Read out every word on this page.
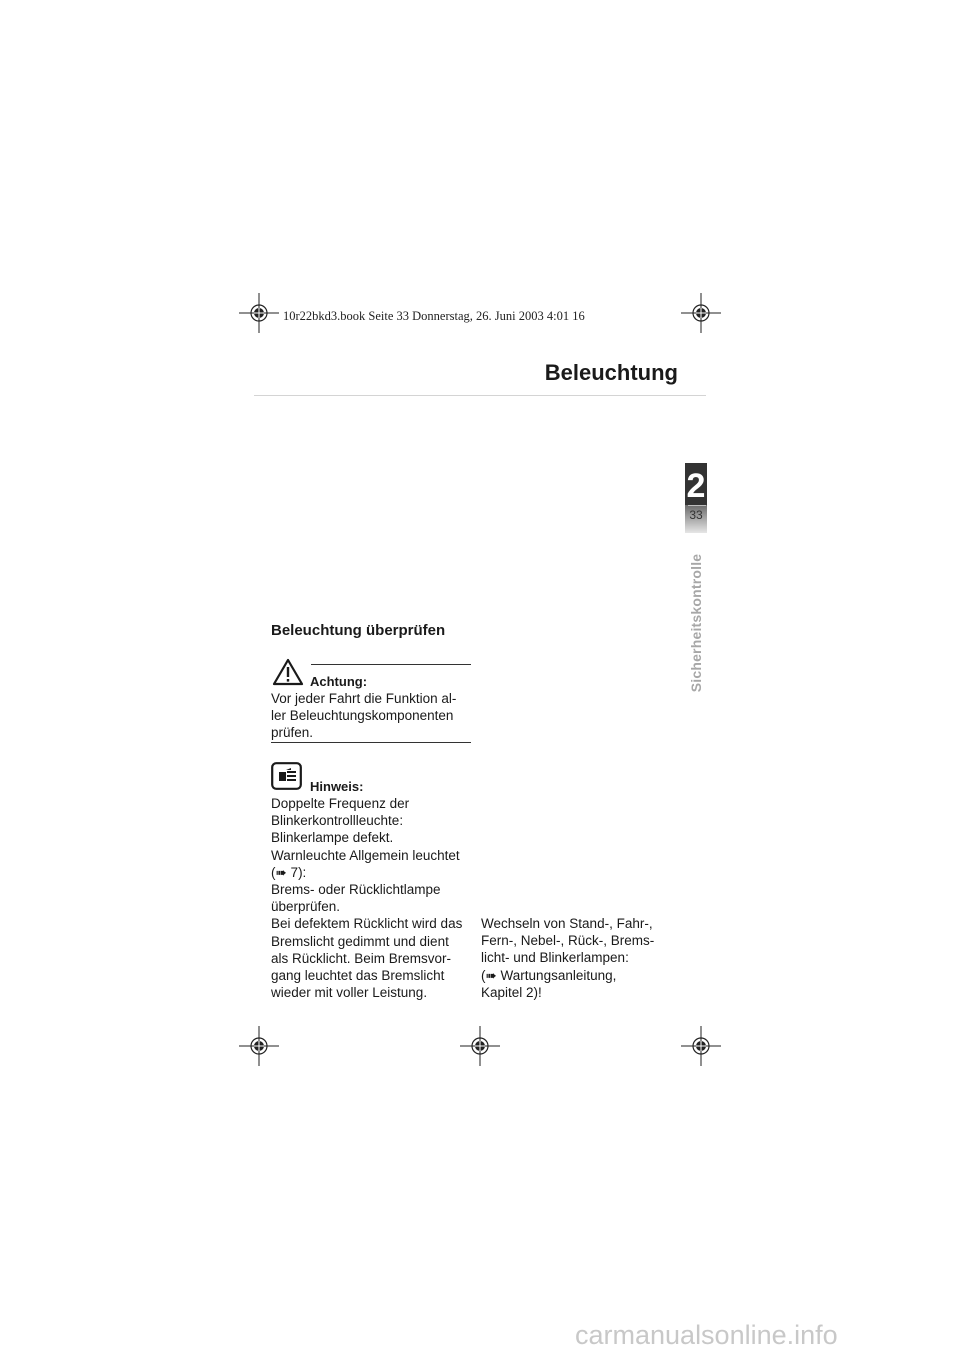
10r22bkd3.book Seite 33 Donnerstag, 26. Juni 2003 4:01 16
Beleuchtung
2
33
Sicherheitskontrolle
Beleuchtung überprüfen
Achtung:
Vor jeder Fahrt die Funktion al-
ler Beleuchtungskomponenten
prüfen.
Hinweis:
Doppelte Frequenz der
Blinkerkontrollleuchte:
Blinkerlampe defekt.
Warnleuchte Allgemein leuchtet
(➠ 7):
Brems- oder Rücklichtlampe
überprüfen.
Bei defektem Rücklicht wird das
Bremslicht gedimmt und dient
als Rücklicht. Beim Bremsvor-
gang leuchtet das Bremslicht
wieder mit voller Leistung.
Wechseln von Stand-, Fahr-,
Fern-, Nebel-, Rück-, Brems-
licht- und Blinkerlampen:
(➠ Wartungsanleitung,
Kapitel 2)!
carmanualsonline.info
